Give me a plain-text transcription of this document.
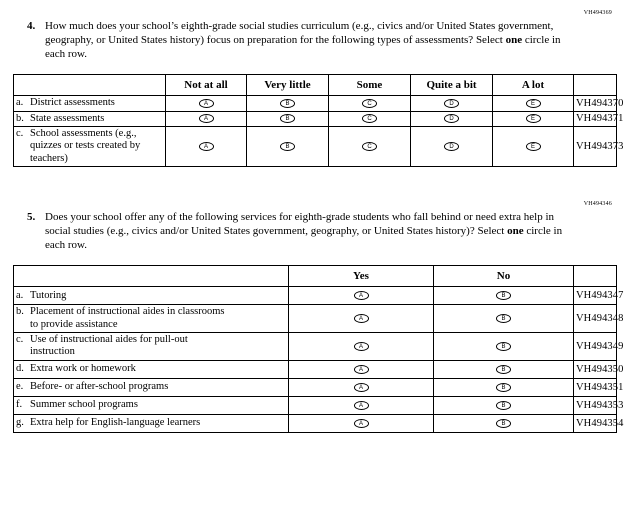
VH494369
4. How much does your school’s eighth-grade social studies curriculum (e.g., civics and/or United States government, geography, or United States history) focus on preparation for the following types of assessments? Select one circle in each row.
	Not at all	Very little	Some	Quite a bit	A lot	

a. District assessments	A	B	C	D	E	VH494370

b. State assessments	A	B	C	D	E	VH494371

c. School assessments (e.g., quizzes or tests created by teachers)	A	B	C	D	E	VH494373
VH494346
5. Does your school offer any of the following services for eighth-grade students who fall behind or need extra help in social studies (e.g., civics and/or United States government, geography, or United States history)? Select one circle in each row.
	Yes	No	

a. Tutoring	A	B	VH494347

b. Placement of instructional aides in classrooms to provide assistance	A	B	VH494348

c. Use of instructional aides for pull-out instruction	A	B	VH494349

d. Extra work or homework	A	B	VH494350

e. Before- or after-school programs	A	B	VH494351

f. Summer school programs	A	B	VH494353

g. Extra help for English-language learners	A	B	VH494354
